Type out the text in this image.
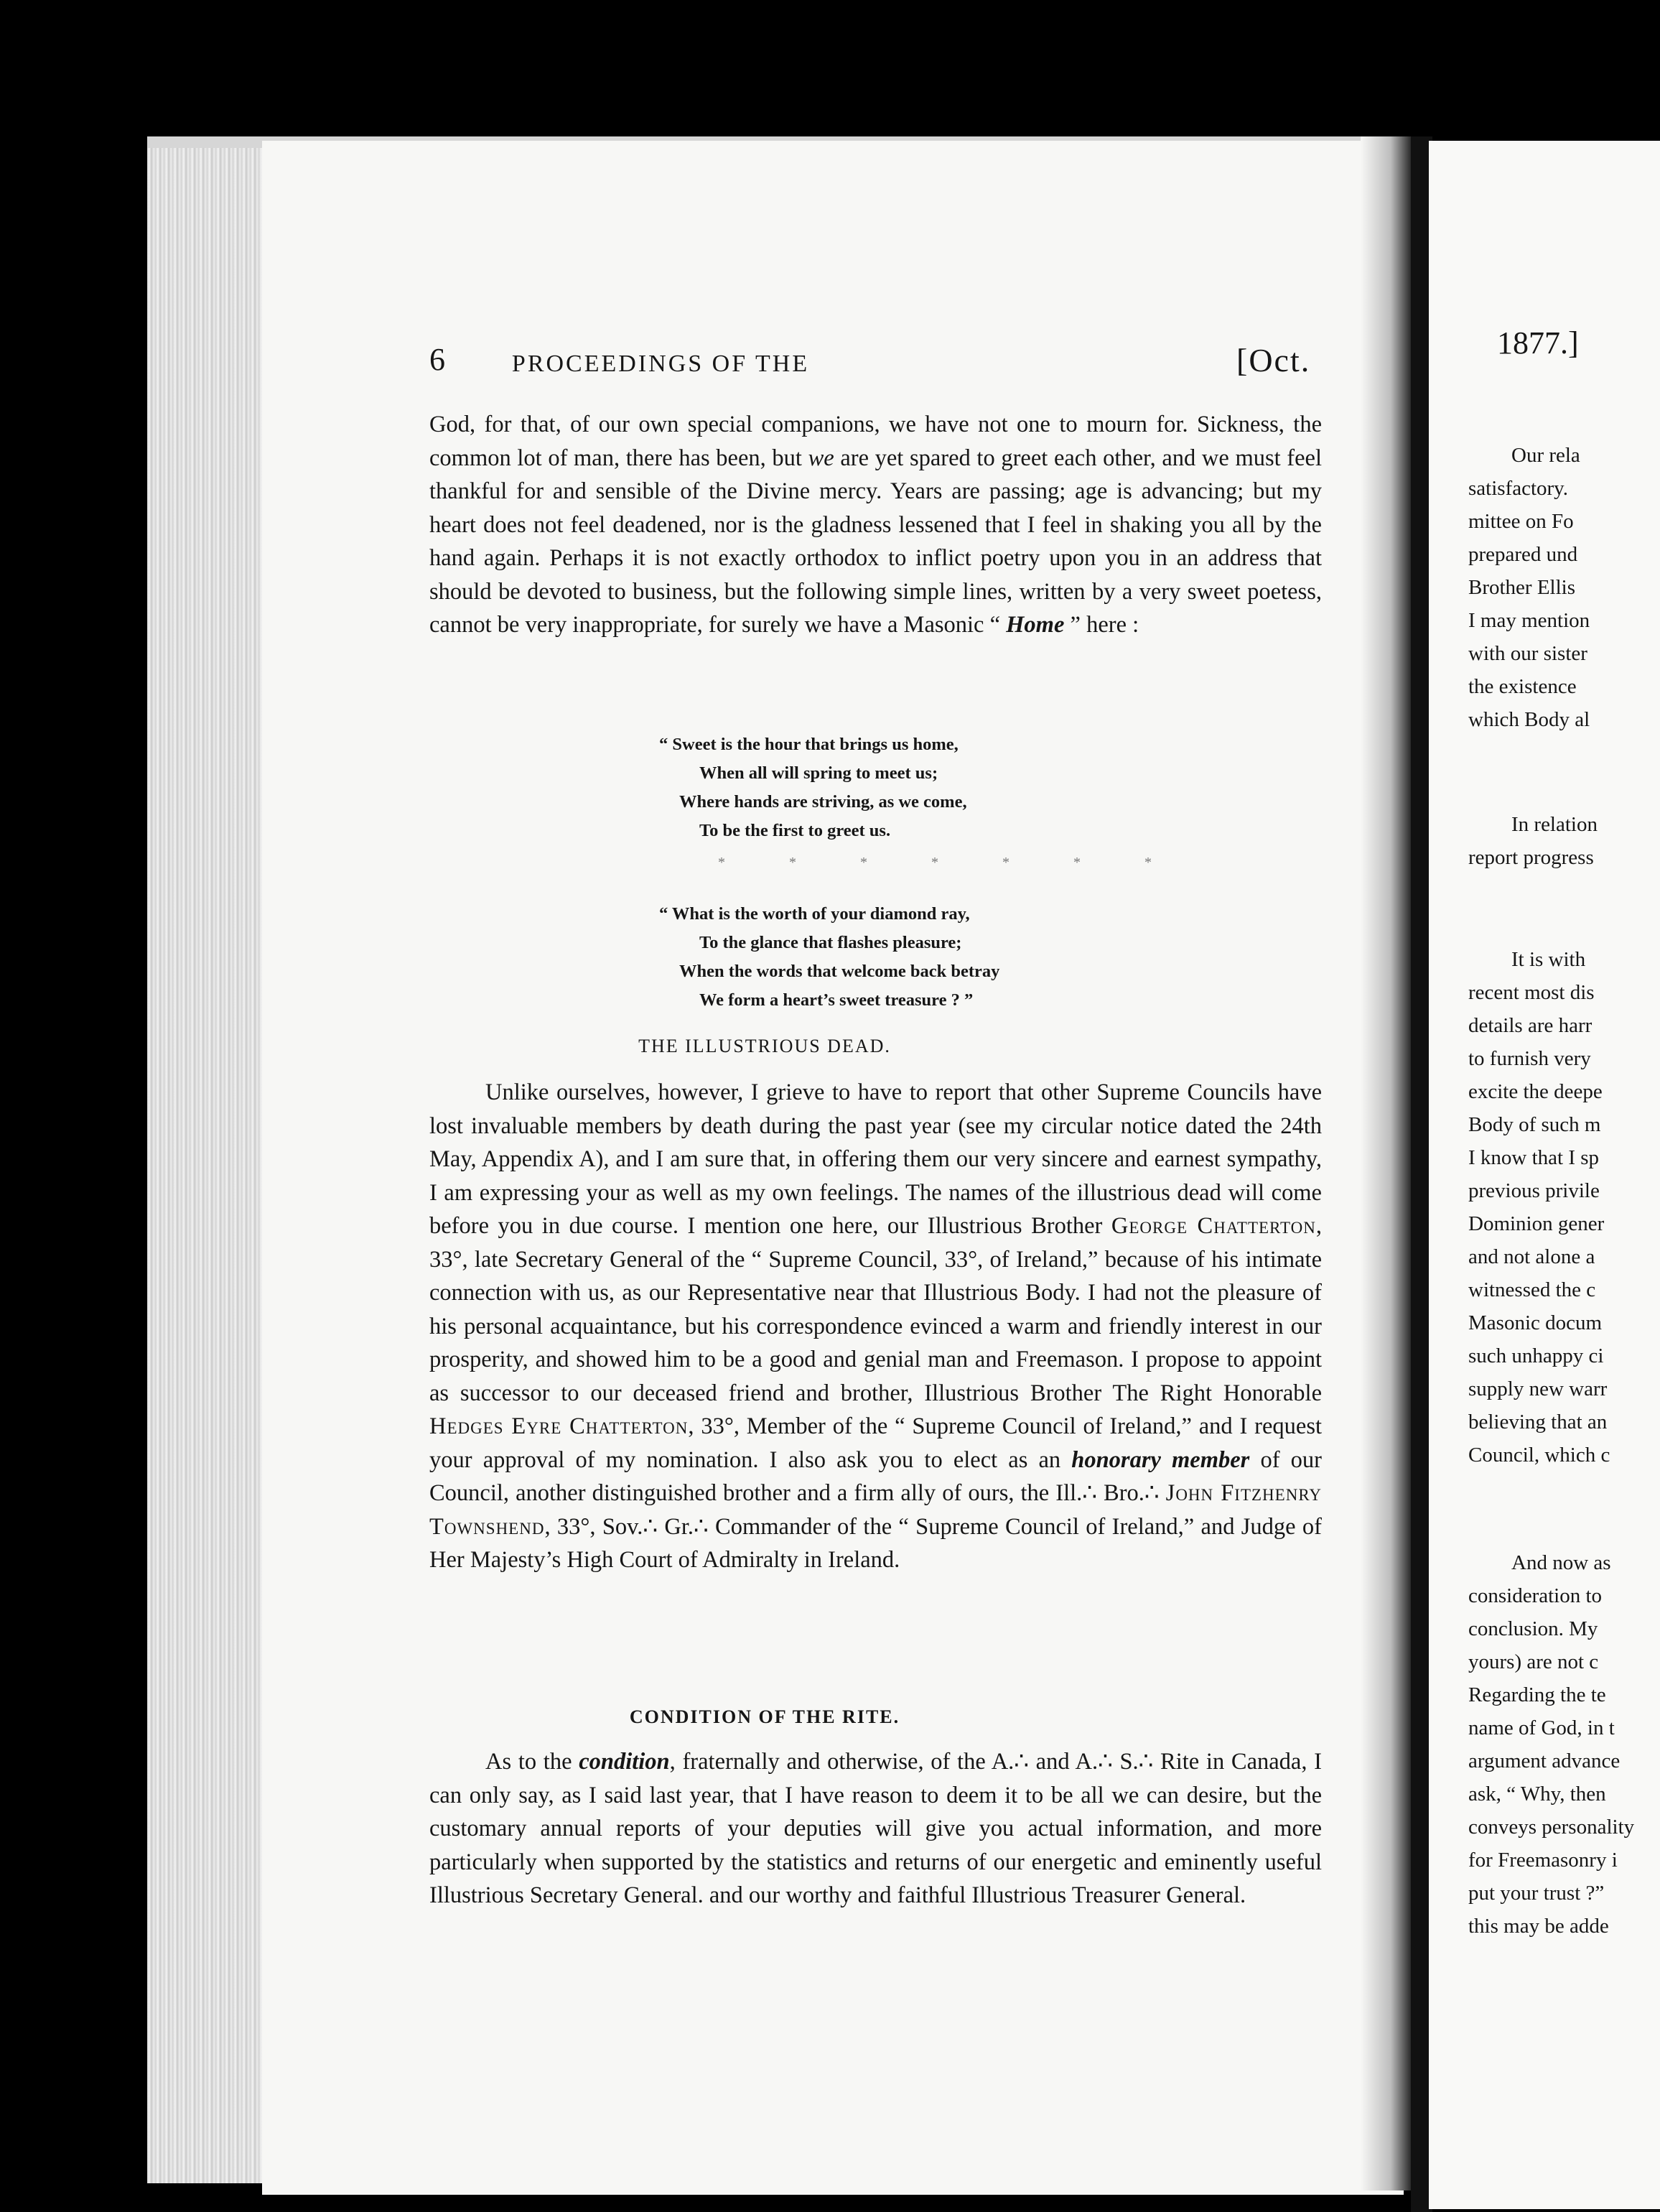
6	PROCEEDINGS OF THE	[Oct.

God, for that, of our own special companions, we have not one to mourn for. Sickness, the common lot of man, there has been, but we are yet spared to greet each other, and we must feel thankful for and sensible of the Divine mercy. Years are passing; age is advancing; but my heart does not feel deadened, nor is the gladness lessened that I feel in shaking you all by the hand again. Perhaps it is not exactly orthodox to inflict poetry upon you in an address that should be devoted to business, but the following simple lines, written by a very sweet poetess, cannot be very inappropriate, for surely we have a Masonic “ Home ” here :

“ Sweet is the hour that brings us home,
When all will spring to meet us;
Where hands are striving, as we come,
To be the first to greet us.
* * * * * * *
“ What is the worth of your diamond ray,
To the glance that flashes pleasure;
When the words that welcome back betray
We form a heart’s sweet treasure ? ”
THE ILLUSTRIOUS DEAD.

Unlike ourselves, however, I grieve to have to report that other Supreme Councils have lost invaluable members by death during the past year (see my circular notice dated the 24th May, Appendix A), and I am sure that, in offering them our very sincere and earnest sympathy, I am expressing your as well as my own feelings. The names of the illustrious dead will come before you in due course. I mention one here, our Illustrious Brother George Chatterton, 33°, late Secretary General of the “ Supreme Council, 33°, of Ireland,” because of his intimate connection with us, as our Representative near that Illustrious Body. I had not the pleasure of his personal acquaintance, but his correspondence evinced a warm and friendly interest in our prosperity, and showed him to be a good and genial man and Freemason. I propose to appoint as successor to our deceased friend and brother, Illustrious Brother The Right Honorable Hedges Eyre Chatterton, 33°, Member of the “ Supreme Council of Ireland,” and I request your approval of my nomination. I also ask you to elect as an honorary member of our Council, another distinguished brother and a firm ally of ours, the Ill.∴ Bro.∴ John Fitzhenry Townshend, 33°, Sov.∴ Gr.∴ Commander of the “ Supreme Council of Ireland,” and Judge of Her Majesty’s High Court of Admiralty in Ireland.

CONDITION OF THE RITE.

As to the condition, fraternally and otherwise, of the A.∴ and A.∴ S.∴ Rite in Canada, I can only say, as I said last year, that I have reason to deem it to be all we can desire, but the customary annual reports of your deputies will give you actual information, and more particularly when supported by the statistics and returns of our energetic and eminently useful Illustrious Secretary General. and our worthy and faithful Illustrious Treasurer General.

1877.]
Our rela
satisfactory.
mittee on Fo
prepared und
Brother Ellis
I may mention
with our sister
the existence
which Body al
In relation
report progress
It is with
recent most dis
details are harr
to furnish very
excite the deepe
Body of such m
I know that I sp
previous privile
Dominion gener
and not alone a
witnessed the c
Masonic docum
such unhappy ci
supply new warr
believing that an
Council, which c
And now as
consideration to
conclusion. My
yours) are not c
Regarding the te
name of God, in t
argument advance
ask, “ Why, then
conveys personality
for Freemasonry i
put your trust ?”
this may be adde
